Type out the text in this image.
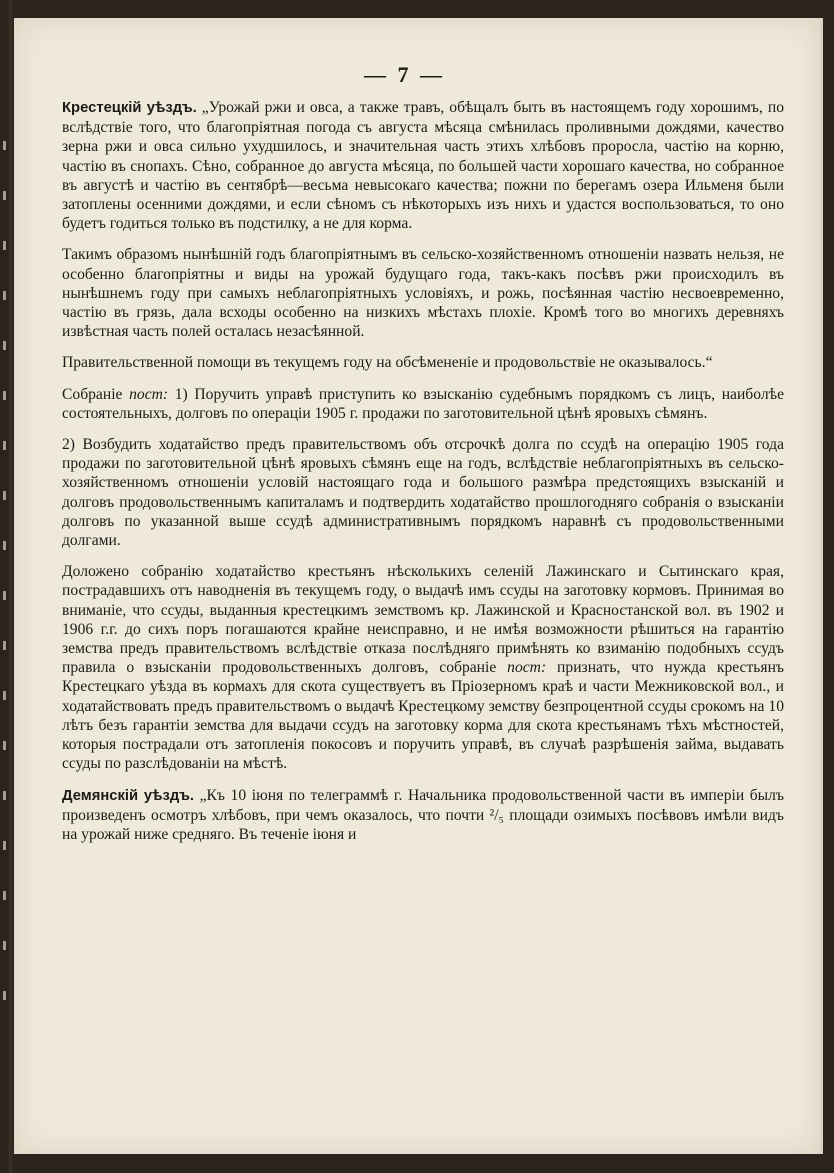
— 7 —

Крестецкiй уѣздъ. „Урожай ржи и овса, а также травъ, обѣщалъ быть въ настоящемъ году хорошимъ, по вслѣдствiе того, что благопрiятная погода съ августа мѣсяца смѣнилась проливными дождями, качество зерна ржи и овса сильно ухудшилось, и значительная часть этихъ хлѣбовъ проросла, частiю на корню, частiю въ снопахъ. Сѣно, собранное до августа мѣсяца, по большей части хорошаго качества, но собранное въ августѣ и частiю въ сентябрѣ—весьма невысокаго качества; пожни по берегамъ озера Ильменя были затоплены осенними дождями, и если сѣномъ съ нѣкоторыхъ изъ нихъ и удастся воспользоваться, то оно будетъ годиться только въ подстилку, а не для корма.

Такимъ образомъ нынѣшнiй годъ благопрiятнымъ въ сельско-хозяйственномъ отношенiи назвать нельзя, не особенно благопрiятны и виды на урожай будущаго года, такъ-какъ посѣвъ ржи происходилъ въ нынѣшнемъ году при самыхъ неблагопрiятныхъ условiяхъ, и рожь, посѣянная частiю несвоевременно, частiю въ грязь, дала всходы особенно на низкихъ мѣстахъ плохiе. Кромѣ того во многихъ деревняхъ извѣстная часть полей осталась незасѣянной.

Правительственной помощи въ текущемъ году на обсѣмененiе и продовольствiе не оказывалось.“

Собранiе пост: 1) Поручить управѣ приступить ко взысканiю судебнымъ порядкомъ съ лицъ, наиболѣе состоятельныхъ, долговъ по операцiи 1905 г. продажи по заготовительной цѣнѣ яровыхъ сѣмянъ.

2) Возбудить ходатайство предъ правительствомъ объ отсрочкѣ долга по ссудѣ на операцiю 1905 года продажи по заготовительной цѣнѣ яровыхъ сѣмянъ еще на годъ, вслѣдствiе неблагопрiятныхъ въ сельско-хозяйственномъ отношенiи условiй настоящаго года и большого размѣра предстоящихъ взысканiй и долговъ продовольственнымъ капиталамъ и подтвердить ходатайство прошлогодняго собранiя о взысканiи долговъ по указанной выше ссудѣ административнымъ порядкомъ наравнѣ съ продовольственными долгами.

Доложено собранiю ходатайство крестьянъ нѣсколькихъ селенiй Лажинскаго и Сытинскаго края, пострадавшихъ отъ наводненiя въ текущемъ году, о выдачѣ имъ ссуды на заготовку кормовъ. Принимая во вниманiе, что ссуды, выданныя крестецкимъ земствомъ кр. Лажинской и Красностанской вол. въ 1902 и 1906 г.г. до сихъ поръ погашаются крайне неисправно, и не имѣя возможности рѣшиться на гарантiю земства предъ правительствомъ вслѣдствiе отказа послѣдняго примѣнять ко взиманiю подобныхъ ссудъ правила о взысканiи продовольственныхъ долговъ, собранiе пост: признать, что нужда крестьянъ Крестецкаго уѣзда въ кормахъ для скота существуетъ въ Прiозерномъ краѣ и части Межниковской вол., и ходатайствовать предъ правительствомъ о выдачѣ Крестецкому земству безпроцентной ссуды срокомъ на 10 лѣтъ безъ гарантiи земства для выдачи ссудъ на заготовку корма для скота крестьянамъ тѣхъ мѣстностей, которыя пострадали отъ затопленiя покосовъ и поручить управѣ, въ случаѣ разрѣшенiя займа, выдавать ссуды по разслѣдованiи на мѣстѣ.

Демянскiй уѣздъ. „Къ 10 iюня по телеграммѣ г. Начальника продовольственной части въ имперiи былъ произведенъ осмотръ хлѣбовъ, при чемъ оказалось, что почти ²/₅ площади озимыхъ посѣвовъ имѣли видъ на урожай ниже средняго. Въ теченiе iюня и
